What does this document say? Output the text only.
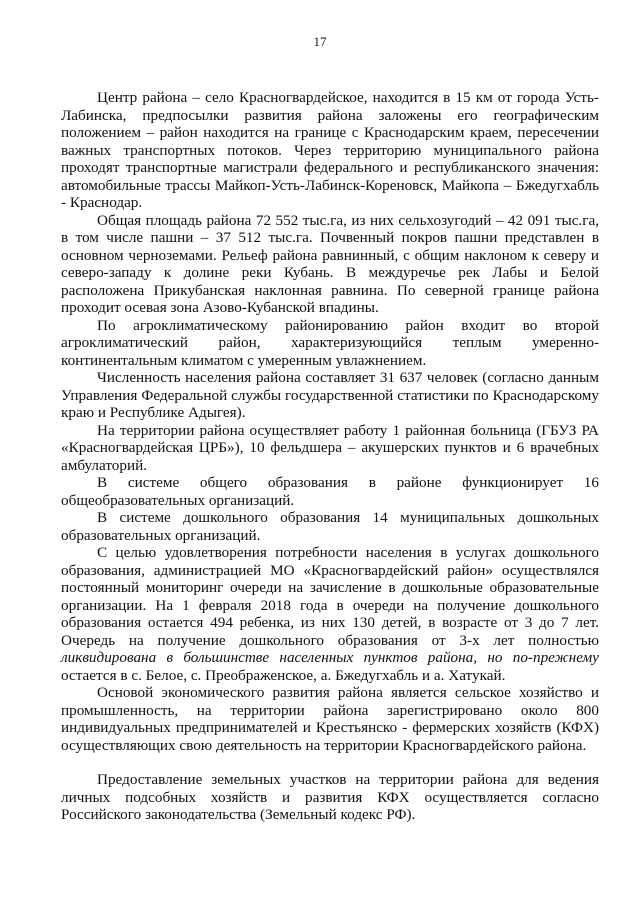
17

Центр района – село Красногвардейское, находится в 15 км от города Усть-Лабинска, предпосылки развития района заложены его географическим положением – район находится на границе с Краснодарским краем, пересечении важных транспортных потоков. Через территорию муниципального района проходят транспортные магистрали федерального и республиканского значения: автомобильные трассы Майкоп-Усть-Лабинск-Кореновск, Майкопа – Бжедугхабль - Краснодар.

Общая площадь района 72 552 тыс.га, из них сельхозугодий – 42 091 тыс.га, в том числе пашни – 37 512 тыс.га. Почвенный покров пашни представлен в основном черноземами. Рельеф района равнинный, с общим наклоном к северу и северо-западу к долине реки Кубань. В междуречье рек Лабы и Белой расположена Прикубанская наклонная равнина. По северной границе района проходит осевая зона Азово-Кубанской впадины.

По агроклиматическому районированию район входит во второй агроклиматический район, характеризующийся теплым умеренно-континентальным климатом с умеренным увлажнением.

Численность населения района составляет 31 637 человек (согласно данным Управления Федеральной службы государственной статистики по Краснодарскому краю и Республике Адыгея).

На территории района осуществляет работу 1 районная больница (ГБУЗ РА «Красногвардейская ЦРБ»), 10 фельдшера – акушерских пунктов и 6 врачебных амбулаторий.

В системе общего образования в районе функционирует 16 общеобразовательных организаций.

В системе дошкольного образования 14 муниципальных дошкольных образовательных организаций.

С целью удовлетворения потребности населения в услугах дошкольного образования, администрацией МО «Красногвардейский район» осуществлялся постоянный мониторинг очереди на зачисление в дошкольные образовательные организации. На 1 февраля 2018 года в очереди на получение дошкольного образования остается 494 ребенка, из них 130 детей, в возрасте от 3 до 7 лет. Очередь на получение дошкольного образования от 3-х лет полностью ликвидирована в большинстве населенных пунктов района, но по-прежнему остается в с. Белое, с. Преображенское, а. Бжедугхабль и а. Хатукай.

Основой экономического развития района является сельское хозяйство и промышленность, на территории района зарегистрировано около 800 индивидуальных предпринимателей и Крестьянско - фермерских хозяйств (КФХ) осуществляющих свою деятельность на территории Красногвардейского района.

Предоставление земельных участков на территории района для ведения личных подсобных хозяйств и развития КФХ осуществляется согласно Российского законодательства (Земельный кодекс РФ).
